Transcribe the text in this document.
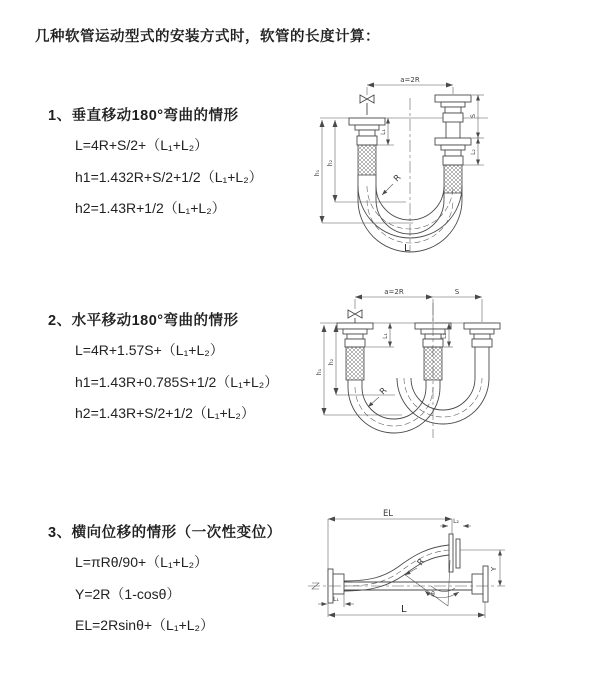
几种软管运动型式的安装方式时，软管的长度计算：

1、垂直移动180°弯曲的情形

L=4R+S/2+（L₁+L₂）

h1=1.432R+S/2+1/2（L₁+L₂）

h2=1.43R+1/2（L₁+L₂）

2、水平移动180°弯曲的情形

L=4R+1.57S+（L₁+L₂）

h1=1.43R+0.785S+1/2（L₁+L₂）

h2=1.43R+S/2+1/2（L₁+L₂）

3、横向位移的情形（一次性变位）

L=πRθ/90+（L₁+L₂）

Y=2R（1-cosθ）

EL=2Rsinθ+（L₁+L₂）

a=2R
h₁
h₂
L₁
S
L₂
R
L
a=2R	S
h₁
h₂
L₁	L₂
R
EL
L₂
Y
L
L₁
R
θ
